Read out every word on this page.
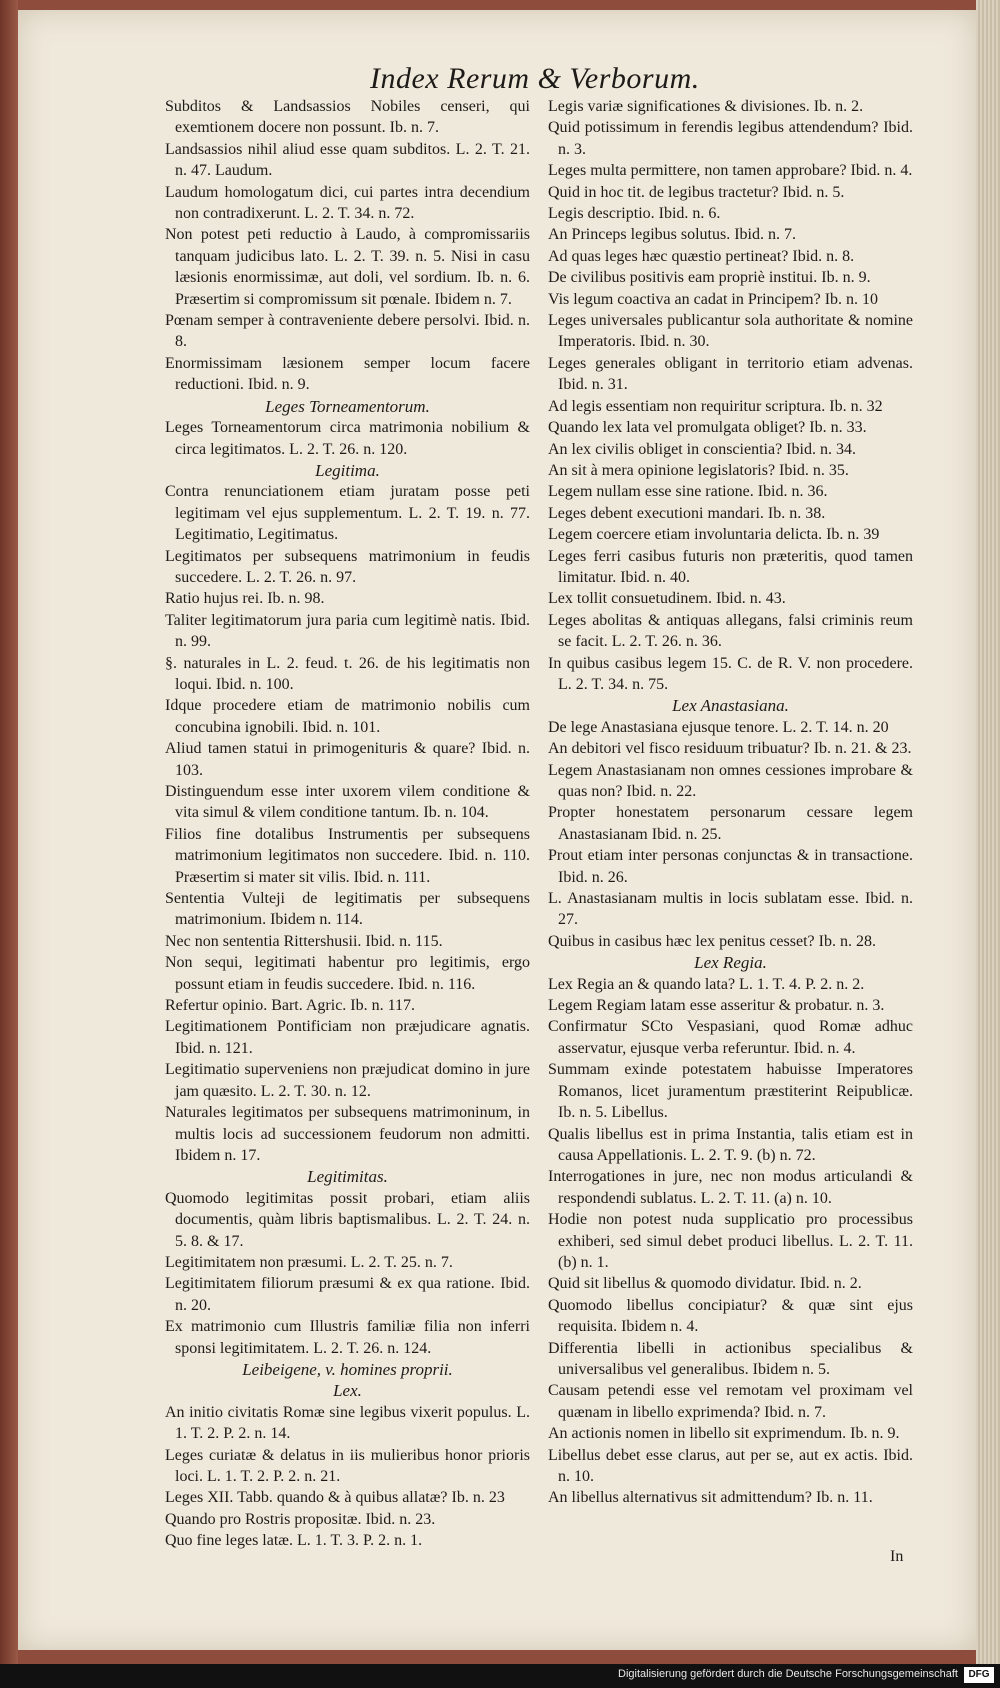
Index Rerum & Verborum.
Subditos & Landsassios Nobiles censeri, qui exemtionem docere non possunt. Ib. n. 7.
Landsassios nihil aliud esse quam subditos. L. 2. T. 21. n. 47. Laudum.
Laudum homologatum dici, cui partes intra decendium non contradixerunt. L. 2. T. 34. n. 72.
Non potest peti reductio à Laudo, à compromissariis tanquam judicibus lato. L. 2. T. 39. n. 5. Nisi in casu læsionis enormissimæ, aut doli, vel sordium. Ib. n. 6. Præsertim si compromissum sit pœnale. Ibidem n. 7.
Pœnam semper à contraveniente debere persolvi. Ibid. n. 8.
Enormissimam læsionem semper locum facere reductioni. Ibid. n. 9.
Leges Torneamentorum.
Leges Torneamentorum circa matrimonia nobilium & circa legitimatos. L. 2. T. 26. n. 120.
Legitima.
Contra renunciationem etiam juratam posse peti legitimam vel ejus supplementum. L. 2. T. 19. n. 77. Legitimatio, Legitimatus.
Legitimatos per subsequens matrimonium in feudis succedere. L. 2. T. 26. n. 97.
Ratio hujus rei. Ib. n. 98.
Taliter legitimatorum jura paria cum legitimè natis. Ibid. n. 99.
§. naturales in L. 2. feud. t. 26. de his legitimatis non loqui. Ibid. n. 100.
Idque procedere etiam de matrimonio nobilis cum concubina ignobili. Ibid. n. 101.
Aliud tamen statui in primogenituris & quare? Ibid. n. 103.
Distinguendum esse inter uxorem vilem conditione & vita simul & vilem conditione tantum. Ib. n. 104.
Filios fine dotalibus Instrumentis per subsequens matrimonium legitimatos non succedere. Ibid. n. 110. Præsertim si mater sit vilis. Ibid. n. 111.
Sententia Vulteji de legitimatis per subsequens matrimonium. Ibidem n. 114.
Nec non sententia Rittershusii. Ibid. n. 115.
Non sequi, legitimati habentur pro legitimis, ergo possunt etiam in feudis succedere. Ibid. n. 116.
Refertur opinio. Bart. Agric. Ib. n. 117.
Legitimationem Pontificiam non præjudicare agnatis. Ibid. n. 121.
Legitimatio superveniens non præjudicat domino in jure jam quæsito. L. 2. T. 30. n. 12.
Naturales legitimatos per subsequens matrimoninum, in multis locis ad successionem feudorum non admitti. Ibidem n. 17.
Legitimitas.
Quomodo legitimitas possit probari, etiam aliis documentis, quàm libris baptismalibus. L. 2. T. 24. n. 5. 8. & 17.
Legitimitatem non præsumi. L. 2. T. 25. n. 7.
Legitimitatem filiorum præsumi & ex qua ratione. Ibid. n. 20.
Ex matrimonio cum Illustris familiæ filia non inferri sponsi legitimitatem. L. 2. T. 26. n. 124.
Leibeigene, v. homines proprii.
Lex.
An initio civitatis Romæ sine legibus vixerit populus. L. 1. T. 2. P. 2. n. 14.
Leges curiatæ & delatus in iis mulieribus honor prioris loci. L. 1. T. 2. P. 2. n. 21.
Leges XII. Tabb. quando & à quibus allatæ? Ib. n. 23
Quando pro Rostris propositæ. Ibid. n. 23.
Quo fine leges latæ. L. 1. T. 3. P. 2. n. 1.
Legis variæ significationes & divisiones. Ib. n. 2.
Quid potissimum in ferendis legibus attendendum? Ibid. n. 3.
Leges multa permittere, non tamen approbare? Ibid. n. 4.
Quid in hoc tit. de legibus tractetur? Ibid. n. 5.
Legis descriptio. Ibid. n. 6.
An Princeps legibus solutus. Ibid. n. 7.
Ad quas leges hæc quæstio pertineat? Ibid. n. 8.
De civilibus positivis eam propriè institui. Ib. n. 9.
Vis legum coactiva an cadat in Principem? Ib. n. 10
Leges universales publicantur sola authoritate & nomine Imperatoris. Ibid. n. 30.
Leges generales obligant in territorio etiam advenas. Ibid. n. 31.
Ad legis essentiam non requiritur scriptura. Ib. n. 32
Quando lex lata vel promulgata obliget? Ib. n. 33.
An lex civilis obliget in conscientia? Ibid. n. 34.
An sit à mera opinione legislatoris? Ibid. n. 35.
Legem nullam esse sine ratione. Ibid. n. 36.
Leges debent executioni mandari. Ib. n. 38.
Legem coercere etiam involuntaria delicta. Ib. n. 39
Leges ferri casibus futuris non præteritis, quod tamen limitatur. Ibid. n. 40.
Lex tollit consuetudinem. Ibid. n. 43.
Leges abolitas & antiquas allegans, falsi criminis reum se facit. L. 2. T. 26. n. 36.
In quibus casibus legem 15. C. de R. V. non procedere. L. 2. T. 34. n. 75.
Lex Anastasiana.
De lege Anastasiana ejusque tenore. L. 2. T. 14. n. 20
An debitori vel fisco residuum tribuatur? Ib. n. 21. & 23.
Legem Anastasianam non omnes cessiones improbare & quas non? Ibid. n. 22.
Propter honestatem personarum cessare legem Anastasianam Ibid. n. 25.
Prout etiam inter personas conjunctas & in transactione. Ibid. n. 26.
L. Anastasianam multis in locis sublatam esse. Ibid. n. 27.
Quibus in casibus hæc lex penitus cesset? Ib. n. 28.
Lex Regia.
Lex Regia an & quando lata? L. 1. T. 4. P. 2. n. 2.
Legem Regiam latam esse asseritur & probatur. n. 3.
Confirmatur SCto Vespasiani, quod Romæ adhuc asservatur, ejusque verba referuntur. Ibid. n. 4.
Summam exinde potestatem habuisse Imperatores Romanos, licet juramentum præstiterint Reipublicæ. Ib. n. 5. Libellus.
Qualis libellus est in prima Instantia, talis etiam est in causa Appellationis. L. 2. T. 9. (b) n. 72.
Interrogationes in jure, nec non modus articulandi & respondendi sublatus. L. 2. T. 11. (a) n. 10.
Hodie non potest nuda supplicatio pro processibus exhiberi, sed simul debet produci libellus. L. 2. T. 11. (b) n. 1.
Quid sit libellus & quomodo dividatur. Ibid. n. 2.
Quomodo libellus concipiatur? & quæ sint ejus requisita. Ibidem n. 4.
Differentia libelli in actionibus specialibus & universalibus vel generalibus. Ibidem n. 5.
Causam petendi esse vel remotam vel proximam vel quænam in libello exprimenda? Ibid. n. 7.
An actionis nomen in libello sit exprimendum. Ib. n. 9.
Libellus debet esse clarus, aut per se, aut ex actis. Ibid. n. 10.
An libellus alternativus sit admittendum? Ib. n. 11.
In
Digitalisierung gefördert durch die Deutsche Forschungsgemeinschaft	DFG
